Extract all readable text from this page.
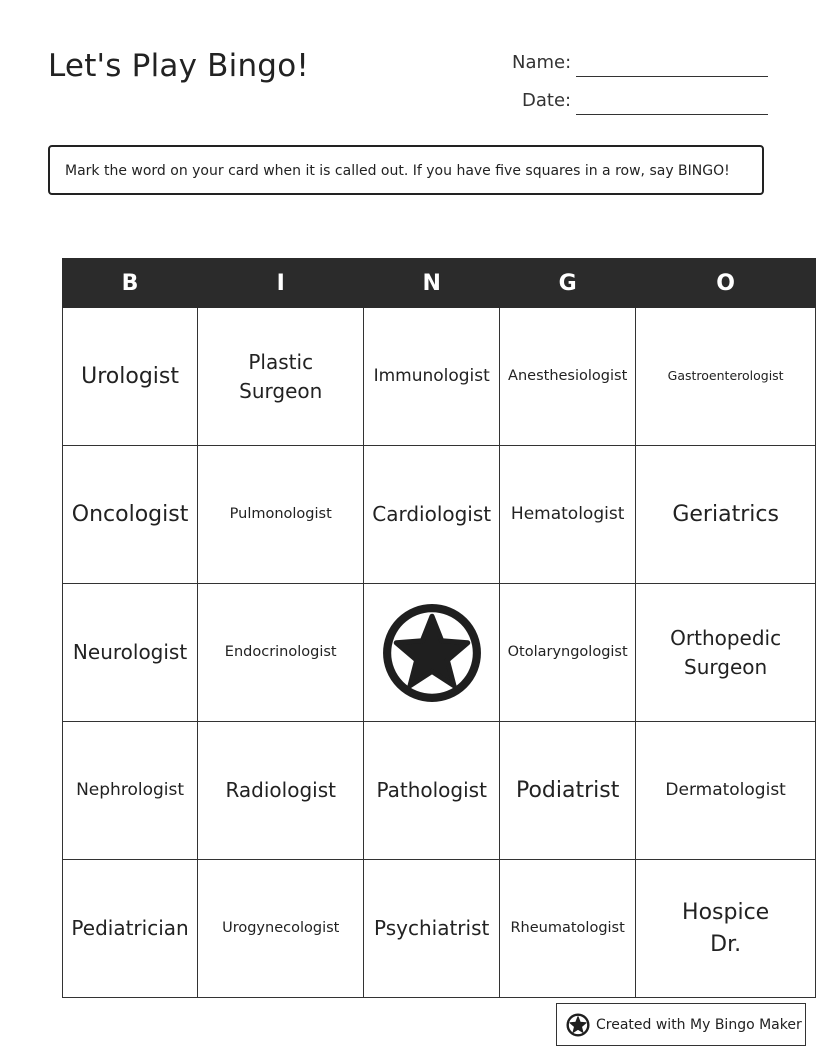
Let's Play Bingo!	Name:
Date:
Mark the word on your card when it is called out. If you have five squares in a row, say BINGO!
B	I	N	G	O
Urologist	Plastic Surgeon	Immunologist	Anesthesiologist	Gastroenterologist
Oncologist	Pulmonologist	Cardiologist	Hematologist	Geriatrics
Neurologist	Endocrinologist		Otolaryngologist	Orthopedic Surgeon
Nephrologist	Radiologist	Pathologist	Podiatrist	Dermatologist
Pediatrician	Urogynecologist	Psychiatrist	Rheumatologist	Hospice Dr.
Created with My Bingo Maker
